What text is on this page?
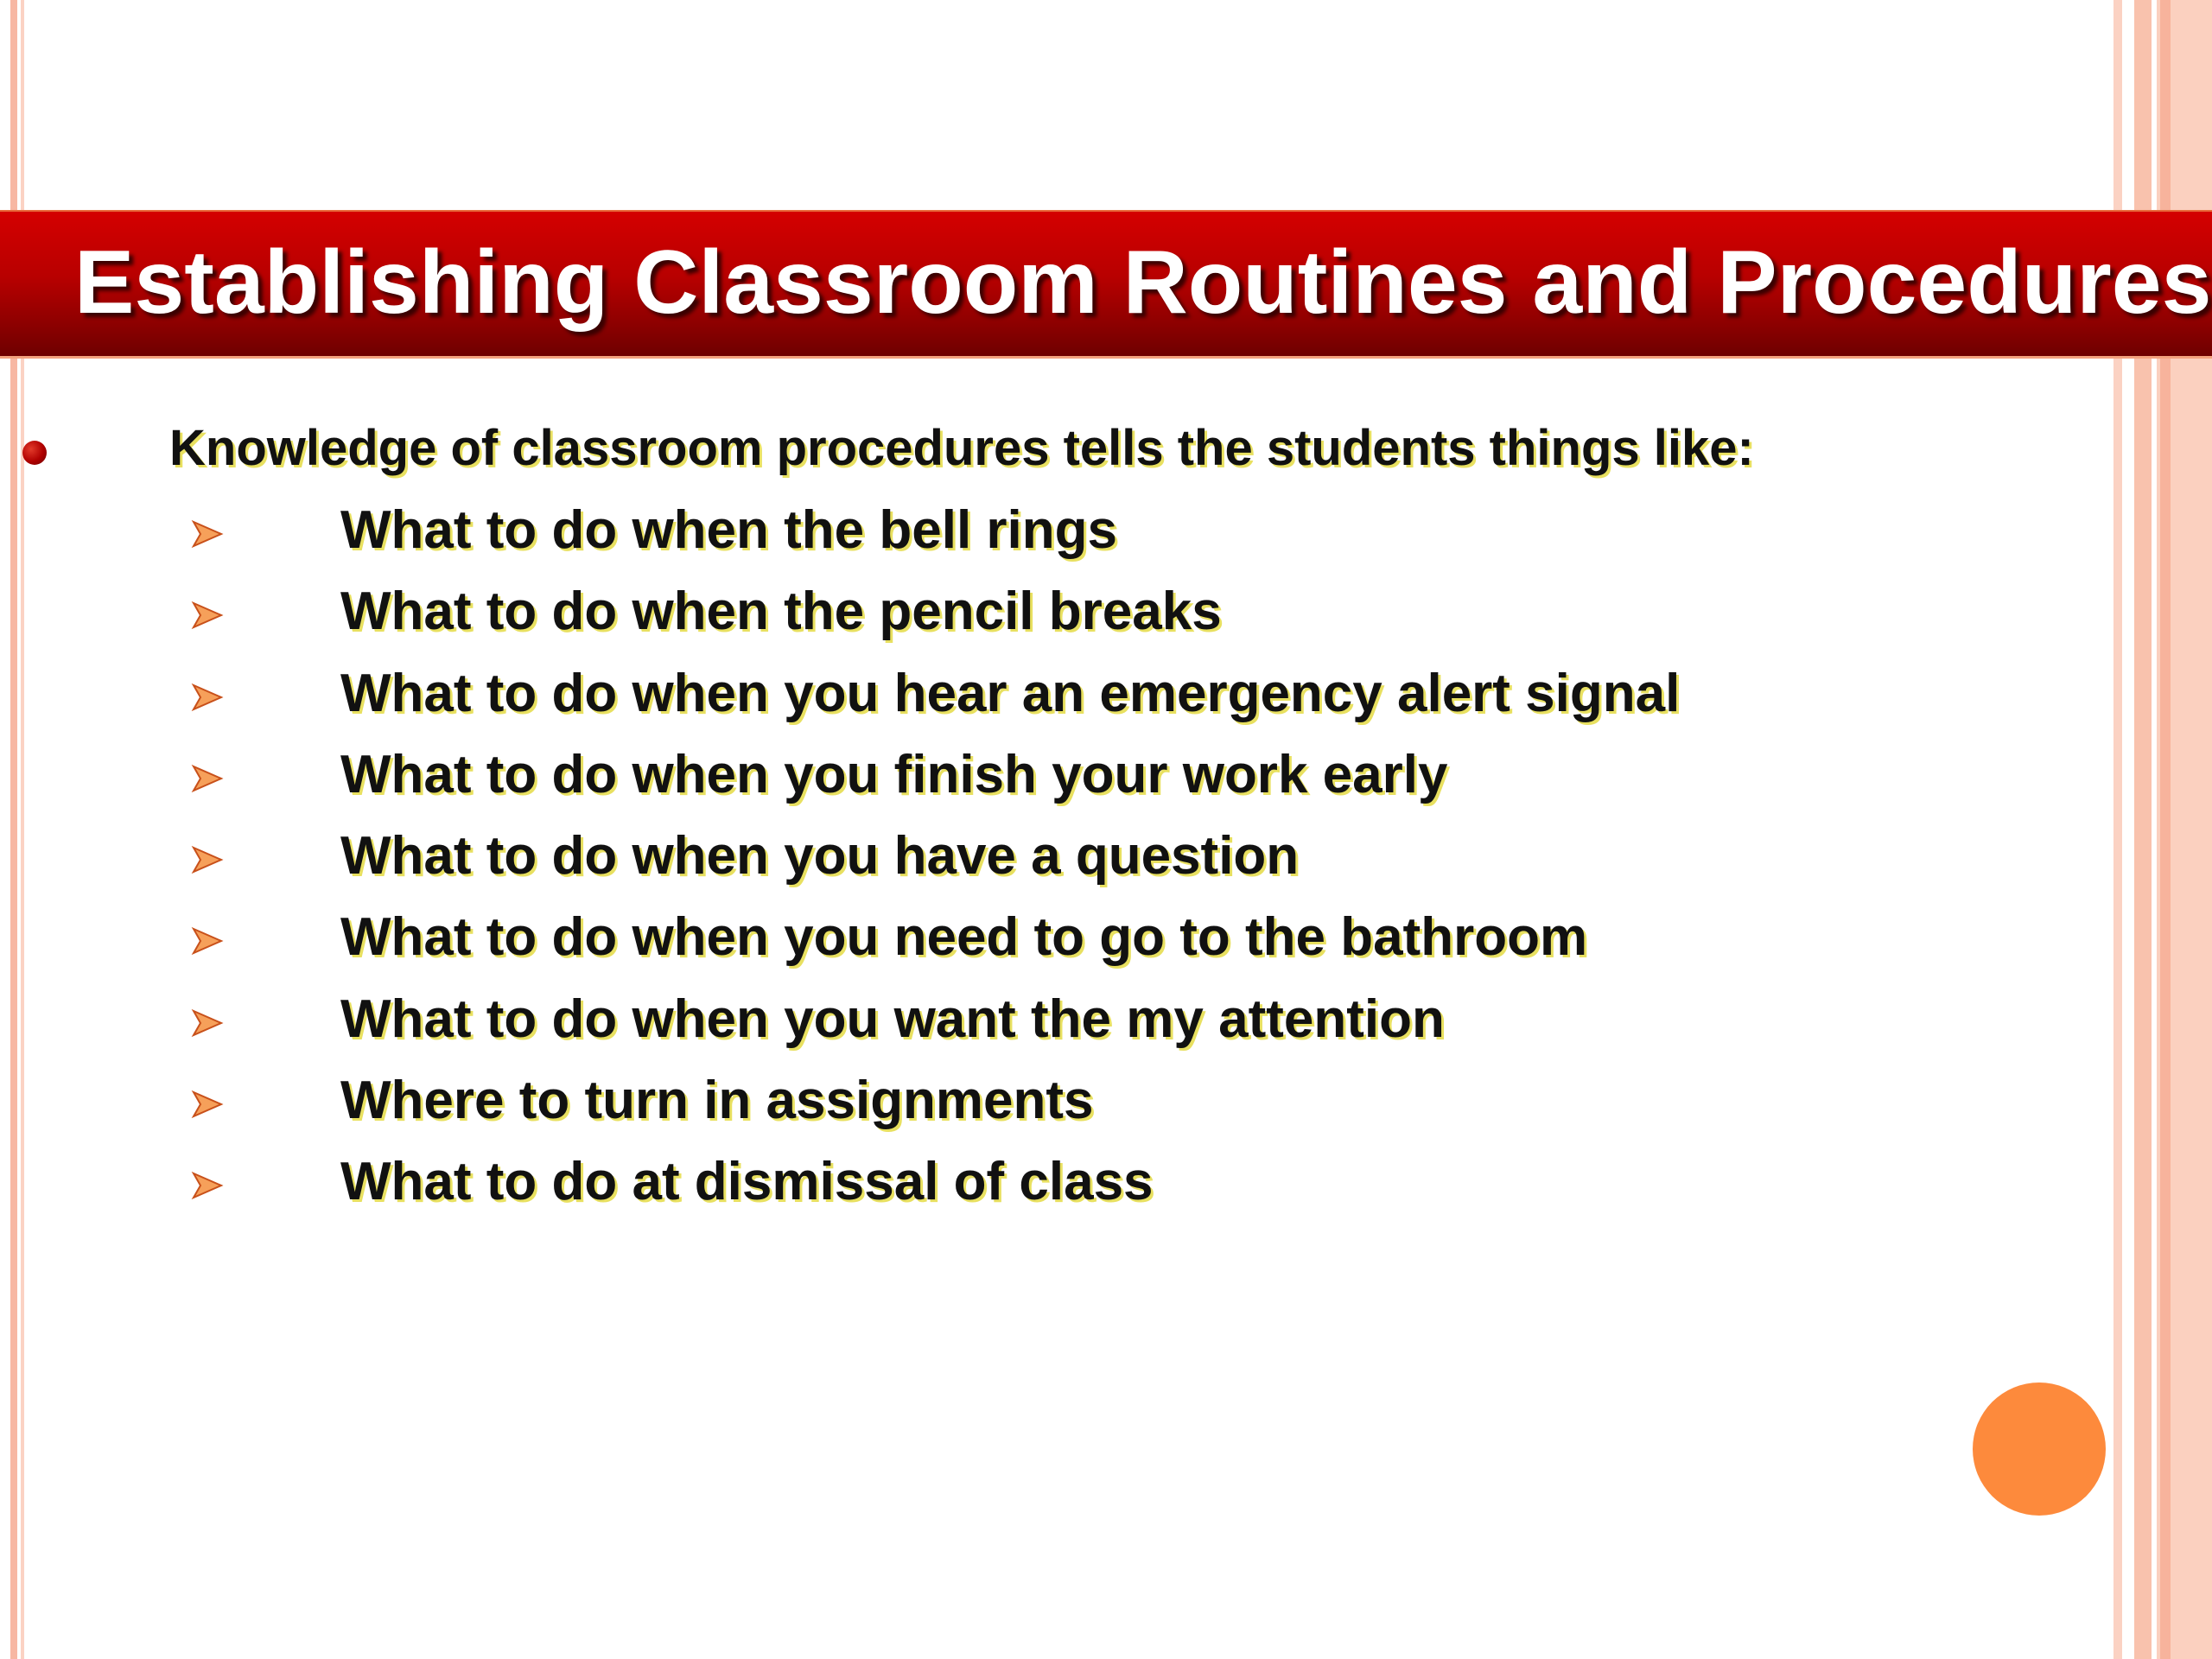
Establishing Classroom Routines and Procedures
Knowledge of classroom procedures tells the students things like:
What to do when the bell rings
What to do when the pencil breaks
What to do when you hear an emergency alert signal
What to do when you finish your work early
What to do when you have a question
What to do when you need to go to the bathroom
What to do when you want the my attention
Where to turn in assignments
What to do at dismissal of class
